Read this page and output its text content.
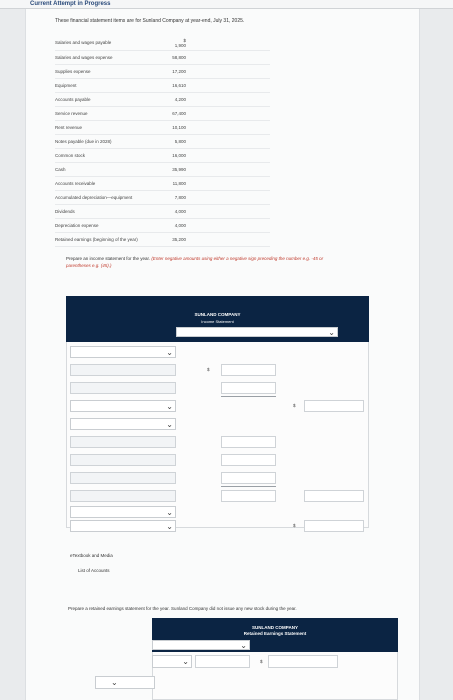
Current Attempt in Progress
These financial statement items are for Sunland Company at year-end, July 31, 2025.
Salaries and wages payable	$ 1,900
Salaries and wages expense	58,800
Supplies expense	17,200
Equipment	16,610
Accounts payable	4,200
Service revenue	67,400
Rent revenue	10,100
Notes payable (due in 2028)	5,800
Common stock	16,000
Cash	35,990
Accounts receivable	11,800
Accumulated depreciation—equipment	7,800
Dividends	4,000
Depreciation expense	4,000
Retained earnings (beginning of the year)	35,200
Prepare an income statement for the year. (Enter negative amounts using either a negative sign preceding the number e.g. -45 or
parentheses e.g. (45).)
SUNLAND COMPANY
Income Statement
⌄
⌄
$
⌄	$
⌄
⌄
⌄	$
eTextbook and Media
List of Accounts
Prepare a retained earnings statement for the year. Sunland Company did not issue any new stock during the year.
SUNLAND COMPANY
Retained Earnings Statement
⌄
⌄	$
⌄
